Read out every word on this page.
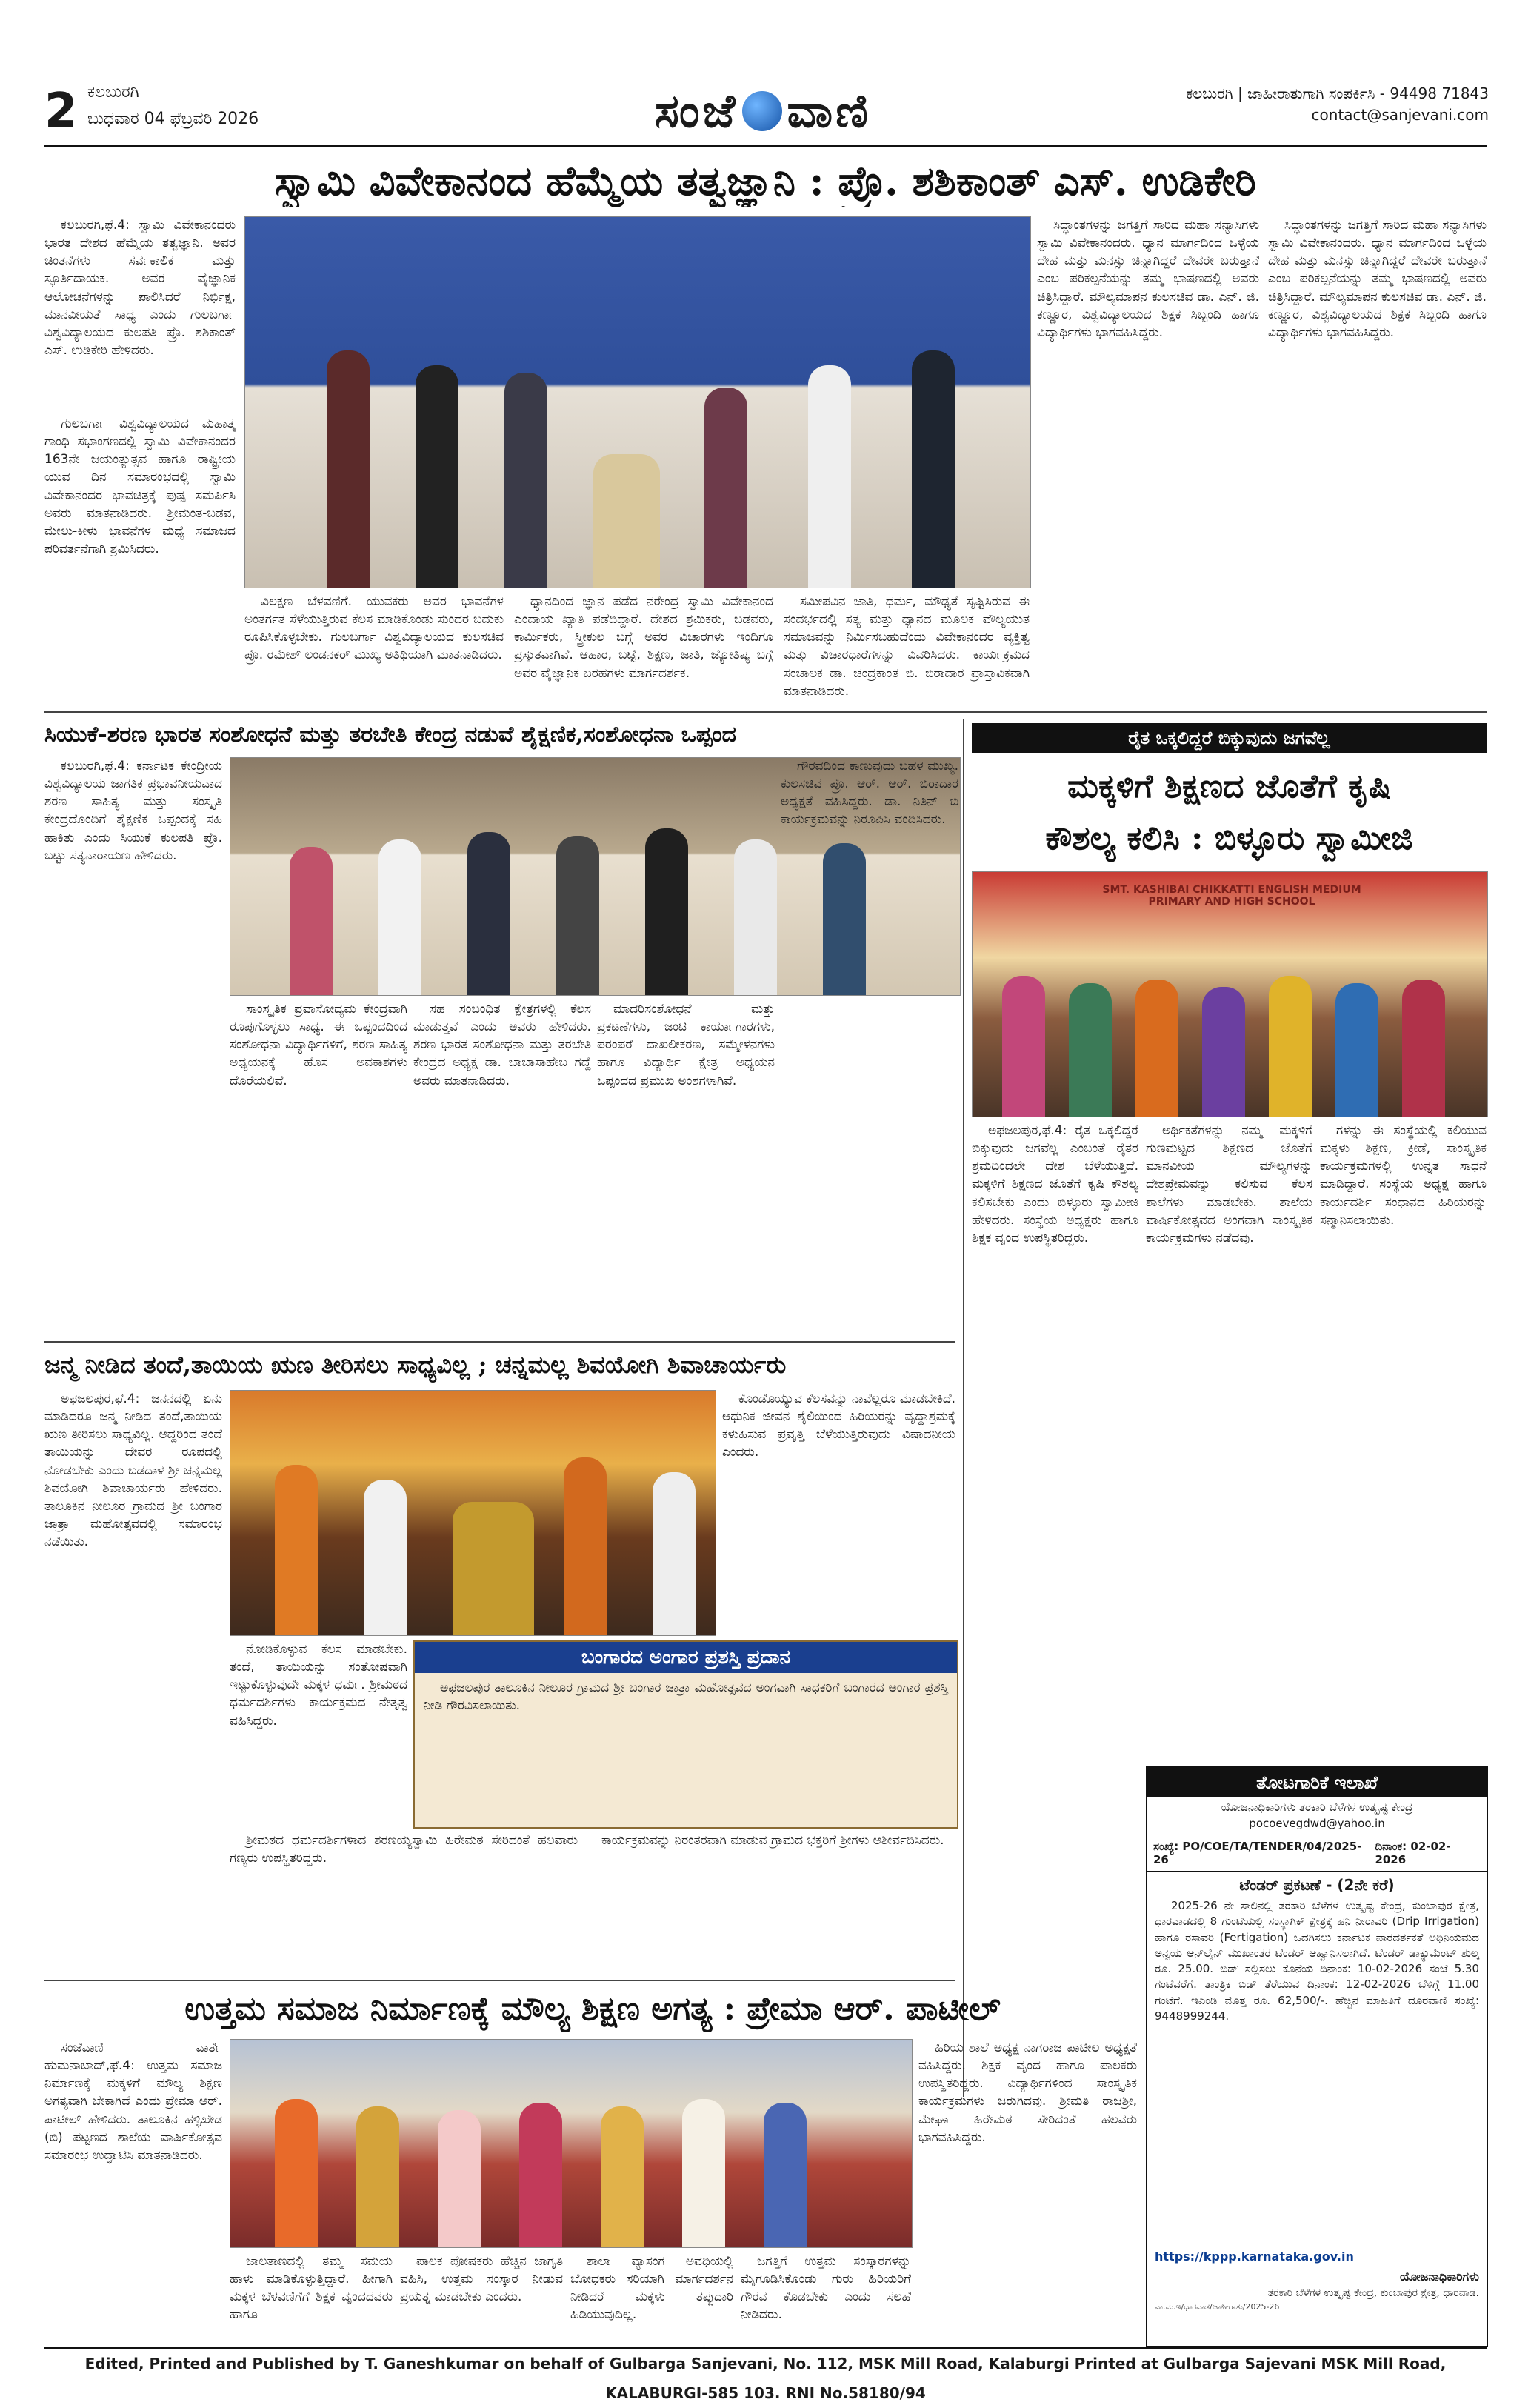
2 ಕಲಬುರಗಿ
ಬುಧವಾರ 04 ಫೆಬ್ರವರಿ 2026	ಸಂಜೆ ವಾಣಿ	ಕಲಬುರಗಿ | ಜಾಹೀರಾತುಗಾಗಿ ಸಂಪರ್ಕಿಸಿ - 94498 71843
contact@sanjevani.com
ಸ್ವಾಮಿ ವಿವೇಕಾನಂದ ಹೆಮ್ಮೆಯ ತತ್ವಜ್ಞಾನಿ : ಪ್ರೊ. ಶಶಿಕಾಂತ್ ಎಸ್. ಉಡಿಕೇರಿ

ಕಲಬುರಗಿ,ಫೆ.4: ಸ್ವಾಮಿ ವಿವೇಕಾನಂದರು ಭಾರತ ದೇಶದ ಹೆಮ್ಮೆಯ ತತ್ವಜ್ಞಾನಿ. ಅವರ ಚಿಂತನೆಗಳು ಸರ್ವಕಾಲಿಕ ಮತ್ತು ಸ್ಫೂರ್ತಿದಾಯಕ. ಅವರ ವೈಜ್ಞಾನಿಕ ಆಲೋಚನೆಗಳನ್ನು ಪಾಲಿಸಿದರೆ ನಿರ್ಭಿಕ್ಷ, ಮಾನವೀಯತೆ ಸಾಧ್ಯ ಎಂದು ಗುಲಬರ್ಗಾ ವಿಶ್ವವಿದ್ಯಾಲಯದ ಕುಲಪತಿ ಪ್ರೊ. ಶಶಿಕಾಂತ್ ಎಸ್. ಉಡಿಕೇರಿ ಹೇಳಿದರು.

ಗುಲಬರ್ಗಾ ವಿಶ್ವವಿದ್ಯಾಲಯದ ಮಹಾತ್ಮ ಗಾಂಧಿ ಸಭಾಂಗಣದಲ್ಲಿ ಸ್ವಾಮಿ ವಿವೇಕಾನಂದರ 163ನೇ ಜಯಂತ್ಯುತ್ಸವ ಹಾಗೂ ರಾಷ್ಟ್ರೀಯ ಯುವ ದಿನ ಸಮಾರಂಭದಲ್ಲಿ ಸ್ವಾಮಿ ವಿವೇಕಾನಂದರ ಭಾವಚಿತ್ರಕ್ಕೆ ಪುಷ್ಪ ಸಮರ್ಪಿಸಿ ಅವರು ಮಾತನಾಡಿದರು. ಶ್ರೀಮಂತ-ಬಡವ, ಮೇಲು-ಕೀಳು ಭಾವನೆಗಳ ಮಧ್ಯೆ ಸಮಾಜದ ಪರಿವರ್ತನೆಗಾಗಿ ಶ್ರಮಿಸಿದರು.

ವಿಲಕ್ಷಣ ಬೆಳವಣಿಗೆ. ಯುವಕರು ಅವರ ಭಾವನೆಗಳ ಅಂತರ್ಗತ ಸೆಳೆಯುತ್ತಿರುವ ಕೆಲಸ ಮಾಡಿಕೊಂಡು ಸುಂದರ ಬದುಕು ರೂಪಿಸಿಕೊಳ್ಳಬೇಕು. ಗುಲಬರ್ಗಾ ವಿಶ್ವವಿದ್ಯಾಲಯದ ಕುಲಸಚಿವ ಪ್ರೊ. ರಮೇಶ್ ಲಂಡನಕರ್ ಮುಖ್ಯ ಅತಿಥಿಯಾಗಿ ಮಾತನಾಡಿದರು.

ಧ್ಯಾನದಿಂದ ಜ್ಞಾನ ಪಡೆದ ನರೇಂದ್ರ ಸ್ವಾಮಿ ವಿವೇಕಾನಂದ ಎಂದಾಯ ಖ್ಯಾತಿ ಪಡೆದಿದ್ದಾರೆ. ದೇಶದ ಶ್ರಮಿಕರು, ಬಡವರು, ಕಾರ್ಮಿಕರು, ಸ್ತ್ರೀಕುಲ ಬಗ್ಗೆ ಅವರ ವಿಚಾರಗಳು ಇಂದಿಗೂ ಪ್ರಸ್ತುತವಾಗಿವೆ. ಆಹಾರ, ಬಟ್ಟೆ, ಶಿಕ್ಷಣ, ಜಾತಿ, ಜ್ಯೋತಿಷ್ಯ ಬಗ್ಗೆ ಅವರ ವೈಜ್ಞಾನಿಕ ಬರಹಗಳು ಮಾರ್ಗದರ್ಶಕ.

ಸಮೀಪವಿನ ಜಾತಿ, ಧರ್ಮ, ಮೌಢ್ಯತೆ ಸೃಷ್ಟಿಸಿರುವ ಈ ಸಂದರ್ಭದಲ್ಲಿ ಸತ್ಯ ಮತ್ತು ಧ್ಯಾನದ ಮೂಲಕ ವೌಲ್ಯಯುತ ಸಮಾಜವನ್ನು ನಿರ್ಮಿಸಬಹುದೆಂದು ವಿವೇಕಾನಂದರ ವ್ಯಕ್ತಿತ್ವ ಮತ್ತು ವಿಚಾರಧಾರೆಗಳನ್ನು ವಿವರಿಸಿದರು. ಕಾರ್ಯಕ್ರಮದ ಸಂಚಾಲಕ ಡಾ. ಚಂದ್ರಕಾಂತ ಬಿ. ಬಿರಾದಾರ ಪ್ರಾಸ್ತಾವಿಕವಾಗಿ ಮಾತನಾಡಿದರು.

ಸಿದ್ಧಾಂತಗಳನ್ನು ಜಗತ್ತಿಗೆ ಸಾರಿದ ಮಹಾ ಸನ್ಯಾಸಿಗಳು ಸ್ವಾಮಿ ವಿವೇಕಾನಂದರು. ಧ್ಯಾನ ಮಾರ್ಗದಿಂದ ಒಳ್ಳೆಯ ದೇಹ ಮತ್ತು ಮನಸ್ಸು ಚಿನ್ನಾಗಿದ್ದರೆ ದೇವರೇ ಬರುತ್ತಾನೆ ಎಂಬ ಪರಿಕಲ್ಪನೆಯನ್ನು ತಮ್ಮ ಭಾಷಣದಲ್ಲಿ ಅವರು ಚಿತ್ರಿಸಿದ್ದಾರೆ. ಮೌಲ್ಯಮಾಪನ ಕುಲಸಚಿವ ಡಾ. ಎನ್. ಜಿ. ಕಣ್ಣೂರ, ವಿಶ್ವವಿದ್ಯಾಲಯದ ಶಿಕ್ಷಕ ಸಿಬ್ಬಂದಿ ಹಾಗೂ ವಿದ್ಯಾರ್ಥಿಗಳು ಭಾಗವಹಿಸಿದ್ದರು.

ಸಿದ್ಧಾಂತಗಳನ್ನು ಜಗತ್ತಿಗೆ ಸಾರಿದ ಮಹಾ ಸನ್ಯಾಸಿಗಳು ಸ್ವಾಮಿ ವಿವೇಕಾನಂದರು. ಧ್ಯಾನ ಮಾರ್ಗದಿಂದ ಒಳ್ಳೆಯ ದೇಹ ಮತ್ತು ಮನಸ್ಸು ಚಿನ್ನಾಗಿದ್ದರೆ ದೇವರೇ ಬರುತ್ತಾನೆ ಎಂಬ ಪರಿಕಲ್ಪನೆಯನ್ನು ತಮ್ಮ ಭಾಷಣದಲ್ಲಿ ಅವರು ಚಿತ್ರಿಸಿದ್ದಾರೆ. ಮೌಲ್ಯಮಾಪನ ಕುಲಸಚಿವ ಡಾ. ಎನ್. ಜಿ. ಕಣ್ಣೂರ, ವಿಶ್ವವಿದ್ಯಾಲಯದ ಶಿಕ್ಷಕ ಸಿಬ್ಬಂದಿ ಹಾಗೂ ವಿದ್ಯಾರ್ಥಿಗಳು ಭಾಗವಹಿಸಿದ್ದರು.

ಸಿಯುಕೆ-ಶರಣ ಭಾರತ ಸಂಶೋಧನೆ ಮತ್ತು ತರಬೇತಿ ಕೇಂದ್ರ ನಡುವೆ ಶೈಕ್ಷಣಿಕ,ಸಂಶೋಧನಾ ಒಪ್ಪಂದ

ಕಲಬುರಗಿ,ಫೆ.4: ಕರ್ನಾಟಕ ಕೇಂದ್ರೀಯ ವಿಶ್ವವಿದ್ಯಾಲಯ ಜಾಗತಿಕ ಪ್ರಭಾವನೀಯವಾದ ಶರಣ ಸಾಹಿತ್ಯ ಮತ್ತು ಸಂಸ್ಕೃತಿ ಕೇಂದ್ರದೊಂದಿಗೆ ಶೈಕ್ಷಣಿಕ ಒಪ್ಪಂದಕ್ಕೆ ಸಹಿ ಹಾಕಿತು ಎಂದು ಸಿಯುಕೆ ಕುಲಪತಿ ಪ್ರೊ. ಬಟ್ಟು ಸತ್ಯನಾರಾಯಣ ಹೇಳಿದರು.

ಸಾಂಸ್ಕೃತಿಕ ಪ್ರವಾಸೋದ್ಯಮ ಕೇಂದ್ರವಾಗಿ ರೂಪುಗೊಳ್ಳಲು ಸಾಧ್ಯ. ಈ ಒಪ್ಪಂದದಿಂದ ಸಂಶೋಧನಾ ವಿದ್ಯಾರ್ಥಿಗಳಿಗೆ, ಶರಣ ಸಾಹಿತ್ಯ ಅಧ್ಯಯನಕ್ಕೆ ಹೊಸ ಅವಕಾಶಗಳು ದೊರೆಯಲಿವೆ.

ಸಹ ಸಂಬಂಧಿತ ಕ್ಷೇತ್ರಗಳಲ್ಲಿ ಕೆಲಸ ಮಾಡುತ್ತವೆ ಎಂದು ಅವರು ಹೇಳಿದರು. ಶರಣ ಭಾರತ ಸಂಶೋಧನಾ ಮತ್ತು ತರಬೇತಿ ಕೇಂದ್ರದ ಅಧ್ಯಕ್ಷ ಡಾ. ಬಾಬಾಸಾಹೇಬ ಗದ್ದೆ ಅವರು ಮಾತನಾಡಿದರು.

ಮಾದರಿಸಂಶೋಧನೆ ಮತ್ತು ಪ್ರಕಟಣೆಗಳು, ಜಂಟಿ ಕಾರ್ಯಾಗಾರಗಳು, ಪರಂಪರೆ ದಾಖಲೀಕರಣ, ಸಮ್ಮೇಳನಗಳು ಹಾಗೂ ವಿದ್ಯಾರ್ಥಿ ಕ್ಷೇತ್ರ ಅಧ್ಯಯನ ಒಪ್ಪಂದದ ಪ್ರಮುಖ ಅಂಶಗಳಾಗಿವೆ.

ಗೌರವದಿಂದ ಕಾಣುವುದು ಬಹಳ ಮುಖ್ಯ. ಕುಲಸಚಿವ ಪ್ರೊ. ಆರ್. ಆರ್. ಬಿರಾದಾರ ಅಧ್ಯಕ್ಷತೆ ವಹಿಸಿದ್ದರು. ಡಾ. ನಿತಿನ್ ಬಿ ಕಾರ್ಯಕ್ರಮವನ್ನು ನಿರೂಪಿಸಿ ವಂದಿಸಿದರು.

ಜನ್ಮ ನೀಡಿದ ತಂದೆ,ತಾಯಿಯ ಋಣ ತೀರಿಸಲು ಸಾಧ್ಯವಿಲ್ಲ ; ಚನ್ನಮಲ್ಲ ಶಿವಯೋಗಿ ಶಿವಾಚಾರ್ಯರು

ಅಫಜಲಪುರ,ಫೆ.4: ಜನನದಲ್ಲಿ ಏನು ಮಾಡಿದರೂ ಜನ್ಮ ನೀಡಿದ ತಂದೆ,ತಾಯಿಯ ಋಣ ತೀರಿಸಲು ಸಾಧ್ಯವಿಲ್ಲ. ಆದ್ದರಿಂದ ತಂದೆ ತಾಯಿಯನ್ನು ದೇವರ ರೂಪದಲ್ಲಿ ನೋಡಬೇಕು ಎಂದು ಬಡದಾಳ ಶ್ರೀ ಚನ್ನಮಲ್ಲ ಶಿವಯೋಗಿ ಶಿವಾಚಾರ್ಯರು ಹೇಳಿದರು. ತಾಲೂಕಿನ ನೀಲೂರ ಗ್ರಾಮದ ಶ್ರೀ ಬಂಗಾರ ಜಾತ್ರಾ ಮಹೋತ್ಸವದಲ್ಲಿ ಸಮಾರಂಭ ನಡೆಯಿತು.

ಕೊಂಡೊಯ್ಯುವ ಕೆಲಸವನ್ನು ನಾವೆಲ್ಲರೂ ಮಾಡಬೇಕಿದೆ. ಆಧುನಿಕ ಜೀವನ ಶೈಲಿಯಿಂದ ಹಿರಿಯರನ್ನು ವೃದ್ಧಾಶ್ರಮಕ್ಕೆ ಕಳುಹಿಸುವ ಪ್ರವೃತ್ತಿ ಬೆಳೆಯುತ್ತಿರುವುದು ವಿಷಾದನೀಯ ಎಂದರು.

ನೋಡಿಕೊಳ್ಳುವ ಕೆಲಸ ಮಾಡಬೇಕು. ತಂದೆ, ತಾಯಿಯನ್ನು ಸಂತೋಷವಾಗಿ ಇಟ್ಟುಕೊಳ್ಳುವುದೇ ಮಕ್ಕಳ ಧರ್ಮ. ಶ್ರೀಮಠದ ಧರ್ಮದರ್ಶಿಗಳು ಕಾರ್ಯಕ್ರಮದ ನೇತೃತ್ವ ವಹಿಸಿದ್ದರು.

ಬಂಗಾರದ ಅಂಗಾರ ಪ್ರಶಸ್ತಿ ಪ್ರದಾನ

ಅಫಜಲಪುರ ತಾಲೂಕಿನ ನೀಲೂರ ಗ್ರಾಮದ ಶ್ರೀ ಬಂಗಾರ ಜಾತ್ರಾ ಮಹೋತ್ಸವದ ಅಂಗವಾಗಿ ಸಾಧಕರಿಗೆ ಬಂಗಾರದ ಅಂಗಾರ ಪ್ರಶಸ್ತಿ ನೀಡಿ ಗೌರವಿಸಲಾಯಿತು.

ಶ್ರೀಮಠದ ಧರ್ಮದರ್ಶಿಗಳಾದ ಶರಣಯ್ಯಸ್ವಾಮಿ ಹಿರೇಮಠ ಸೇರಿದಂತೆ ಹಲವಾರು ಗಣ್ಯರು ಉಪಸ್ಥಿತರಿದ್ದರು.

ಕಾರ್ಯಕ್ರಮವನ್ನು ನಿರಂತರವಾಗಿ ಮಾಡುವ ಗ್ರಾಮದ ಭಕ್ತರಿಗೆ ಶ್ರೀಗಳು ಆಶೀರ್ವದಿಸಿದರು.

ರೈತ ಒಕ್ಕಲಿದ್ದರೆ ಬಿಕ್ಕುವುದು ಜಗವೆಲ್ಲ
ಮಕ್ಕಳಿಗೆ ಶಿಕ್ಷಣದ ಜೊತೆಗೆ ಕೃಷಿ
ಕೌಶಲ್ಯ ಕಲಿಸಿ : ಬಿಳ್ಳೂರು ಸ್ವಾಮೀಜಿ
SMT. KASHIBAI CHIKKATTI ENGLISH MEDIUM PRIMARY AND HIGH SCHOOL

ಅಫಜಲಪುರ,ಫೆ.4: ರೈತ ಒಕ್ಕಲಿದ್ದರೆ ಬಿಕ್ಕುವುದು ಜಗವೆಲ್ಲ ಎಂಬಂತೆ ರೈತರ ಶ್ರಮದಿಂದಲೇ ದೇಶ ಬೆಳೆಯುತ್ತಿದೆ. ಮಕ್ಕಳಿಗೆ ಶಿಕ್ಷಣದ ಜೊತೆಗೆ ಕೃಷಿ ಕೌಶಲ್ಯ ಕಲಿಸಬೇಕು ಎಂದು ಬಿಳ್ಳೂರು ಸ್ವಾಮೀಜಿ ಹೇಳಿದರು. ಸಂಸ್ಥೆಯ ಅಧ್ಯಕ್ಷರು ಹಾಗೂ ಶಿಕ್ಷಕ ವೃಂದ ಉಪಸ್ಥಿತರಿದ್ದರು.

ಅರ್ಥಿಕತೆಗಳನ್ನು ನಮ್ಮ ಮಕ್ಕಳಿಗೆ ಗುಣಮಟ್ಟದ ಶಿಕ್ಷಣದ ಜೊತೆಗೆ ಮಾನವೀಯ ಮೌಲ್ಯಗಳನ್ನು ದೇಶಪ್ರೇಮವನ್ನು ಕಲಿಸುವ ಕೆಲಸ ಶಾಲೆಗಳು ಮಾಡಬೇಕು. ಶಾಲೆಯ ವಾರ್ಷಿಕೋತ್ಸವದ ಅಂಗವಾಗಿ ಸಾಂಸ್ಕೃತಿಕ ಕಾರ್ಯಕ್ರಮಗಳು ನಡೆದವು.

ಗಳನ್ನು ಈ ಸಂಸ್ಥೆಯಲ್ಲಿ ಕಲಿಯುವ ಮಕ್ಕಳು ಶಿಕ್ಷಣ, ಕ್ರೀಡೆ, ಸಾಂಸ್ಕೃತಿಕ ಕಾರ್ಯಕ್ರಮಗಳಲ್ಲಿ ಉನ್ನತ ಸಾಧನೆ ಮಾಡಿದ್ದಾರೆ. ಸಂಸ್ಥೆಯ ಅಧ್ಯಕ್ಷ ಹಾಗೂ ಕಾರ್ಯದರ್ಶಿ ಸಂಧಾನದ ಹಿರಿಯರನ್ನು ಸನ್ಮಾನಿಸಲಾಯಿತು.

ತೋಟಗಾರಿಕೆ ಇಲಾಖೆ
ಯೋಜನಾಧಿಕಾರಿಗಳು ತರಕಾರಿ ಬೆಳೆಗಳ ಉತ್ಕೃಷ್ಟ ಕೇಂದ್ರ
pocoevegdwd@yahoo.in
ಸಂಖ್ಯೆ: PO/COE/TA/TENDER/04/2025-26
ದಿನಾಂಕ: 02-02-2026
ಟೆಂಡರ್ ಪ್ರಕಟಣೆ - (2ನೇ ಕರೆ)

2025-26 ನೇ ಸಾಲಿನಲ್ಲಿ ತರಕಾರಿ ಬೆಳೆಗಳ ಉತ್ಕೃಷ್ಟ ಕೇಂದ್ರ, ಕುಂಬಾಪುರ ಕ್ಷೇತ್ರ, ಧಾರವಾಡದಲ್ಲಿ 8 ಗುಂಟೆಯಲ್ಲಿ ಸಂಸ್ಥಾಗಿಕ್ ಕ್ಷೇತ್ರಕ್ಕೆ ಹನಿ ನೀರಾವರಿ (Drip Irrigation) ಹಾಗೂ ರಸಾವರಿ (Fertigation) ಒದಗಿಸಲು ಕರ್ನಾಟಕ ಪಾರದರ್ಶಕತೆ ಅಧಿನಿಯಮದ ಅನ್ವಯ ಆನ್‌ಲೈನ್ ಮುಖಾಂತರ ಟೆಂಡರ್ ಆಹ್ವಾನಿಸಲಾಗಿದೆ. ಟೆಂಡರ್ ಡಾಕ್ಯುಮೆಂಟ್ ಶುಲ್ಕ ರೂ. 25.00. ಬಿಡ್ ಸಲ್ಲಿಸಲು ಕೊನೆಯ ದಿನಾಂಕ: 10-02-2026 ಸಂಜೆ 5.30 ಗಂಟೆವರೆಗೆ. ತಾಂತ್ರಿಕ ಬಿಡ್ ತೆರೆಯುವ ದಿನಾಂಕ: 12-02-2026 ಬೆಳಿಗ್ಗೆ 11.00 ಗಂಟೆಗೆ. ಇಎಂಡಿ ಮೊತ್ತ ರೂ. 62,500/-. ಹೆಚ್ಚಿನ ಮಾಹಿತಿಗೆ ದೂರವಾಣಿ ಸಂಖ್ಯೆ: 9448999244.

https://kppp.karnataka.gov.in
ಯೋಜನಾಧಿಕಾರಿಗಳು
ತರಕಾರಿ ಬೆಳೆಗಳ ಉತ್ಕೃಷ್ಟ ಕೇಂದ್ರ, ಕುಂಬಾಪುರ ಕ್ಷೇತ್ರ, ಧಾರವಾಡ.
ವಾ.ಮ.ಇ/ಧಾರವಾಡ/ಜಾಹೀರಾತು/2025-26
ಉತ್ತಮ ಸಮಾಜ ನಿರ್ಮಾಣಕ್ಕೆ ಮೌಲ್ಯ ಶಿಕ್ಷಣ ಅಗತ್ಯ : ಪ್ರೇಮಾ ಆರ್. ಪಾಟೀಲ್

ಸಂಜೆವಾಣಿ ವಾರ್ತೆ ಹುಮನಾಬಾದ್,ಫೆ.4: ಉತ್ತಮ ಸಮಾಜ ನಿರ್ಮಾಣಕ್ಕೆ ಮಕ್ಕಳಿಗೆ ಮೌಲ್ಯ ಶಿಕ್ಷಣ ಅಗತ್ಯವಾಗಿ ಬೇಕಾಗಿದೆ ಎಂದು ಪ್ರೇಮಾ ಆರ್. ಪಾಟೀಲ್ ಹೇಳಿದರು. ತಾಲೂಕಿನ ಹಳ್ಳಿಖೇಡ (ಬಿ) ಪಟ್ಟಣದ ಶಾಲೆಯ ವಾರ್ಷಿಕೋತ್ಸವ ಸಮಾರಂಭ ಉದ್ಘಾಟಿಸಿ ಮಾತನಾಡಿದರು.

ಜಾಲತಾಣದಲ್ಲಿ ತಮ್ಮ ಸಮಯ ಹಾಳು ಮಾಡಿಕೊಳ್ಳುತ್ತಿದ್ದಾರೆ. ಹೀಗಾಗಿ ಮಕ್ಕಳ ಬೆಳವಣಿಗೆಗೆ ಶಿಕ್ಷಕ ವೃಂದದವರು ಹಾಗೂ

ಪಾಲಕ ಪೋಷಕರು ಹೆಚ್ಚಿನ ಜಾಗೃತಿ ವಹಿಸಿ, ಉತ್ತಮ ಸಂಸ್ಕಾರ ನೀಡುವ ಪ್ರಯತ್ನ ಮಾಡಬೇಕು ಎಂದರು.

ಶಾಲಾ ವ್ಯಾಸಂಗ ಅವಧಿಯಲ್ಲಿ ಬೋಧಕರು ಸರಿಯಾಗಿ ಮಾರ್ಗದರ್ಶನ ನೀಡಿದರೆ ಮಕ್ಕಳು ತಪ್ಪುದಾರಿ ಹಿಡಿಯುವುದಿಲ್ಲ.

ಜಗತ್ತಿಗೆ ಉತ್ತಮ ಸಂಸ್ಕಾರಗಳನ್ನು ಮೈಗೂಡಿಸಿಕೊಂಡು ಗುರು ಹಿರಿಯರಿಗೆ ಗೌರವ ಕೊಡಬೇಕು ಎಂದು ಸಲಹೆ ನೀಡಿದರು.

ಹಿರಿಯ ಶಾಲೆ ಅಧ್ಯಕ್ಷ ನಾಗರಾಜ ಪಾಟೀಲ ಅಧ್ಯಕ್ಷತೆ ವಹಿಸಿದ್ದರು. ಶಿಕ್ಷಕ ವೃಂದ ಹಾಗೂ ಪಾಲಕರು ಉಪಸ್ಥಿತರಿದ್ದರು. ವಿದ್ಯಾರ್ಥಿಗಳಿಂದ ಸಾಂಸ್ಕೃತಿಕ ಕಾರ್ಯಕ್ರಮಗಳು ಜರುಗಿದವು. ಶ್ರೀಮತಿ ರಾಜಶ್ರೀ, ಮೇಘಾ ಹಿರೇಮಠ ಸೇರಿದಂತೆ ಹಲವರು ಭಾಗವಹಿಸಿದ್ದರು.

Edited, Printed and Published by T. Ganeshkumar on behalf of Gulbarga Sanjevani, No. 112, MSK Mill Road, Kalaburgi Printed at Gulbarga Sajevani MSK Mill Road, KALABURGI-585 103. RNI No.58180/94
